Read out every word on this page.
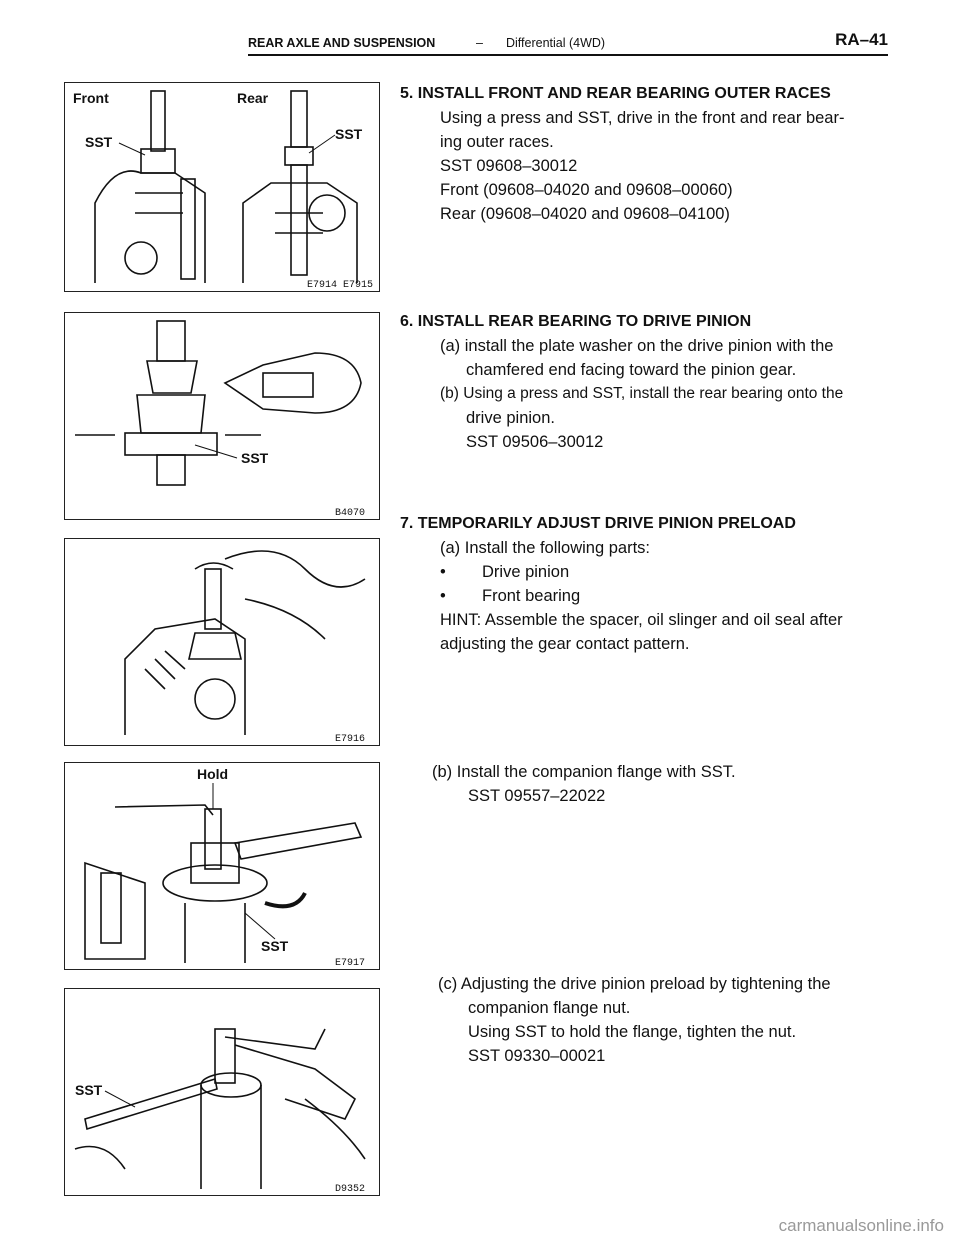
REAR AXLE AND SUSPENSION	– Differential (4WD)	RA–41
Front	Rear
SST	SST
E7914 E7915
SST
B4070
E7916
Hold
SST
E7917
SST
D9352
5. INSTALL FRONT AND REAR BEARING OUTER RACES
Using a press and SST, drive in the front and rear bear-
ing outer races.
SST 09608–30012
Front (09608–04020 and 09608–00060)
Rear (09608–04020 and 09608–04100)
6. INSTALL REAR BEARING TO DRIVE PINION
(a) install the plate washer on the drive pinion with the
chamfered end facing toward the pinion gear.
(b) Using a press and SST, install the rear bearing onto the
drive pinion.
SST 09506–30012
7. TEMPORARILY ADJUST DRIVE PINION PRELOAD
(a) Install the following parts:
• Drive pinion
• Front bearing
HINT: Assemble the spacer, oil slinger and oil seal after
adjusting the gear contact pattern.
(b) Install the companion flange with SST.
SST 09557–22022
(c) Adjusting the drive pinion preload by tightening the
companion flange nut.
Using SST to hold the flange, tighten the nut.
SST 09330–00021
carmanualsonline.info
